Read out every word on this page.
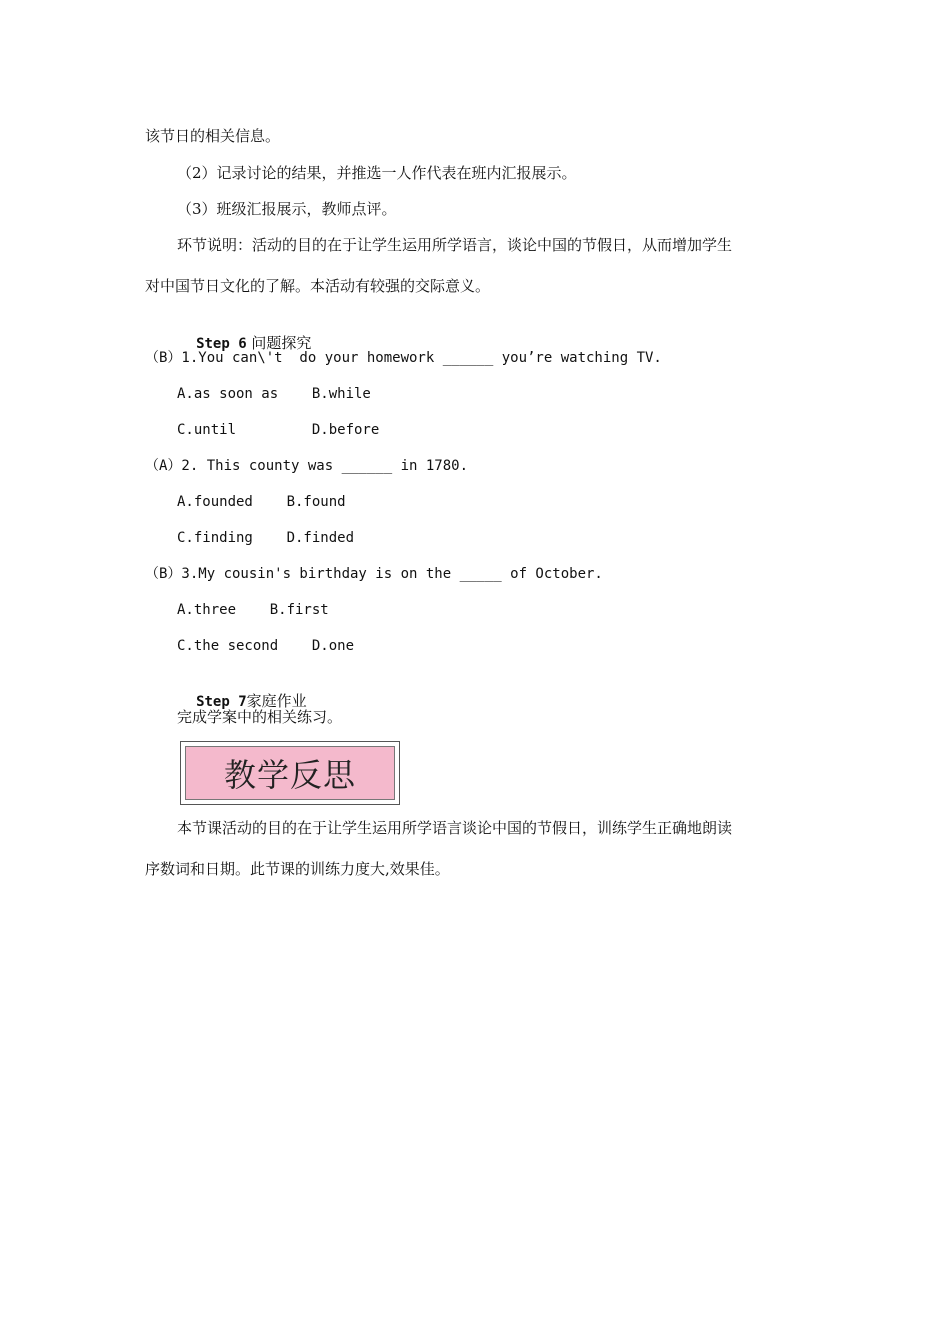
该节日的相关信息。
（2）记录讨论的结果，并推选一人作代表在班内汇报展示。
（3）班级汇报展示，教师点评。
环节说明：活动的目的在于让学生运用所学语言，谈论中国的节假日，从而增加学生
对中国节日文化的了解。本活动有较强的交际意义。

Step 6 问题探究

（B）1.You can\'t  do your homework ______ you’re watching TV.
A.as soon as    B.while
C.until         D.before
（A）2. This county was ______ in 1780.
A.founded    B.found
C.finding    D.finded
（B）3.My cousin's birthday is on the _____ of October.
A.three    B.first
C.the second    D.one

Step 7家庭作业

完成学案中的相关练习。
教学反思
本节课活动的目的在于让学生运用所学语言谈论中国的节假日，训练学生正确地朗读
序数词和日期。此节课的训练力度大,效果佳。
